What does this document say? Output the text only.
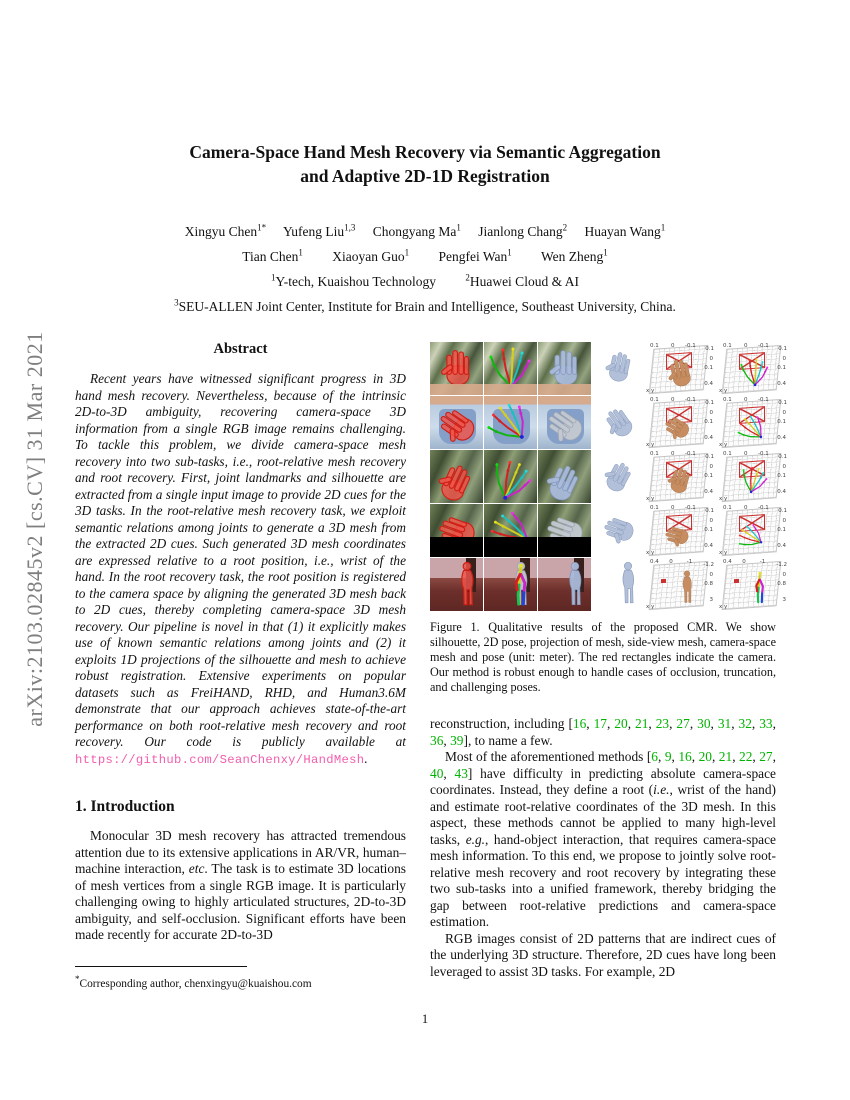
arXiv:2103.02845v2 [cs.CV] 31 Mar 2021
Camera-Space Hand Mesh Recovery via Semantic Aggregation
and Adaptive 2D-1D Registration
Xingyu Chen$^{1*}$ Yufeng Liu$^{1,3}$ Chongyang Ma$^1$ Jianlong Chang$^2$ Huayan Wang$^1$
Tian Chen$^1$ Xiaoyan Guo$^1$ Pengfei Wan$^1$ Wen Zheng$^1$
$^1$Y-tech, Kuaishou Technology	$^2$Huawei Cloud & AI
$^3$SEU-ALLEN Joint Center, Institute for Brain and Intelligence, Southeast University, China.
Abstract

Recent years have witnessed significant progress in 3D hand mesh recovery. Nevertheless, because of the intrinsic 2D-to-3D ambiguity, recovering camera-space 3D information from a single RGB image remains challenging. To tackle this problem, we divide camera-space mesh recovery into two sub-tasks, i.e., root-relative mesh recovery and root recovery. First, joint landmarks and silhouette are extracted from a single input image to provide 2D cues for the 3D tasks. In the root-relative mesh recovery task, we exploit semantic relations among joints to generate a 3D mesh from the extracted 2D cues. Such generated 3D mesh coordinates are expressed relative to a root position, i.e., wrist of the hand. In the root recovery task, the root position is registered to the camera space by aligning the generated 3D mesh back to 2D cues, thereby completing camera-space 3D mesh recovery. Our pipeline is novel in that (1) it explicitly makes use of known semantic relations among joints and (2) it exploits 1D projections of the silhouette and mesh to achieve robust registration. Extensive experiments on popular datasets such as FreiHAND, RHD, and Human3.6M demonstrate that our approach achieves state-of-the-art performance on both root-relative mesh recovery and root recovery. Our code is publicly available at https://github.com/SeanChenxy/HandMesh.

1. Introduction

Monocular 3D mesh recovery has attracted tremendous attention due to its extensive applications in AR/VR, human–machine interaction, etc. The task is to estimate 3D locations of mesh vertices from a single RGB image. It is particularly challenging owing to highly articulated structures, 2D-to-3D ambiguity, and self-occlusion. Significant efforts have been made recently for accurate 2D-to-3D

*Corresponding author, chenxingyu@kuaishou.com
0.1       0      -0.1 0.1
0
0.1
0.4
x y
0.1       0      -0.1 0.1
0
0.1
0.4
x y
0.1       0      -0.1 0.1
0
0.1
0.4
x y
0.1       0      -0.1 0.1
0
0.1
0.4
x y
0.1       0      -0.1 0.1
0
0.1
0.4
x y
0.1       0      -0.1 0.1
0
0.1
0.4
x y
0.1       0      -0.1 0.1
0
0.1
0.4
x y
0.1       0      -0.1 0.1
0
0.1
0.4
x y
0.4      0        -1 -1.2
0
0.8
3
x y
0.4      0        -1 -1.2
0
0.8
3
x y

Figure 1. Qualitative results of the proposed CMR. We show silhouette, 2D pose, projection of mesh, side-view mesh, camera-space mesh and pose (unit: meter). The red rectangles indicate the camera. Our method is robust enough to handle cases of occlusion, truncation, and challenging poses.

reconstruction, including [16, 17, 20, 21, 23, 27, 30, 31, 32, 33, 36, 39], to name a few.

Most of the aforementioned methods [6, 9, 16, 20, 21, 22, 27, 40, 43] have difficulty in predicting absolute camera-space coordinates. Instead, they define a root (i.e., wrist of the hand) and estimate root-relative coordinates of the 3D mesh. In this aspect, these methods cannot be applied to many high-level tasks, e.g., hand-object interaction, that requires camera-space mesh information. To this end, we propose to jointly solve root-relative mesh recovery and root recovery by integrating these two sub-tasks into a unified framework, thereby bridging the gap between root-relative predictions and camera-space estimation.

RGB images consist of 2D patterns that are indirect cues of the underlying 3D structure. Therefore, 2D cues have long been leveraged to assist 3D tasks. For example, 2D

1
